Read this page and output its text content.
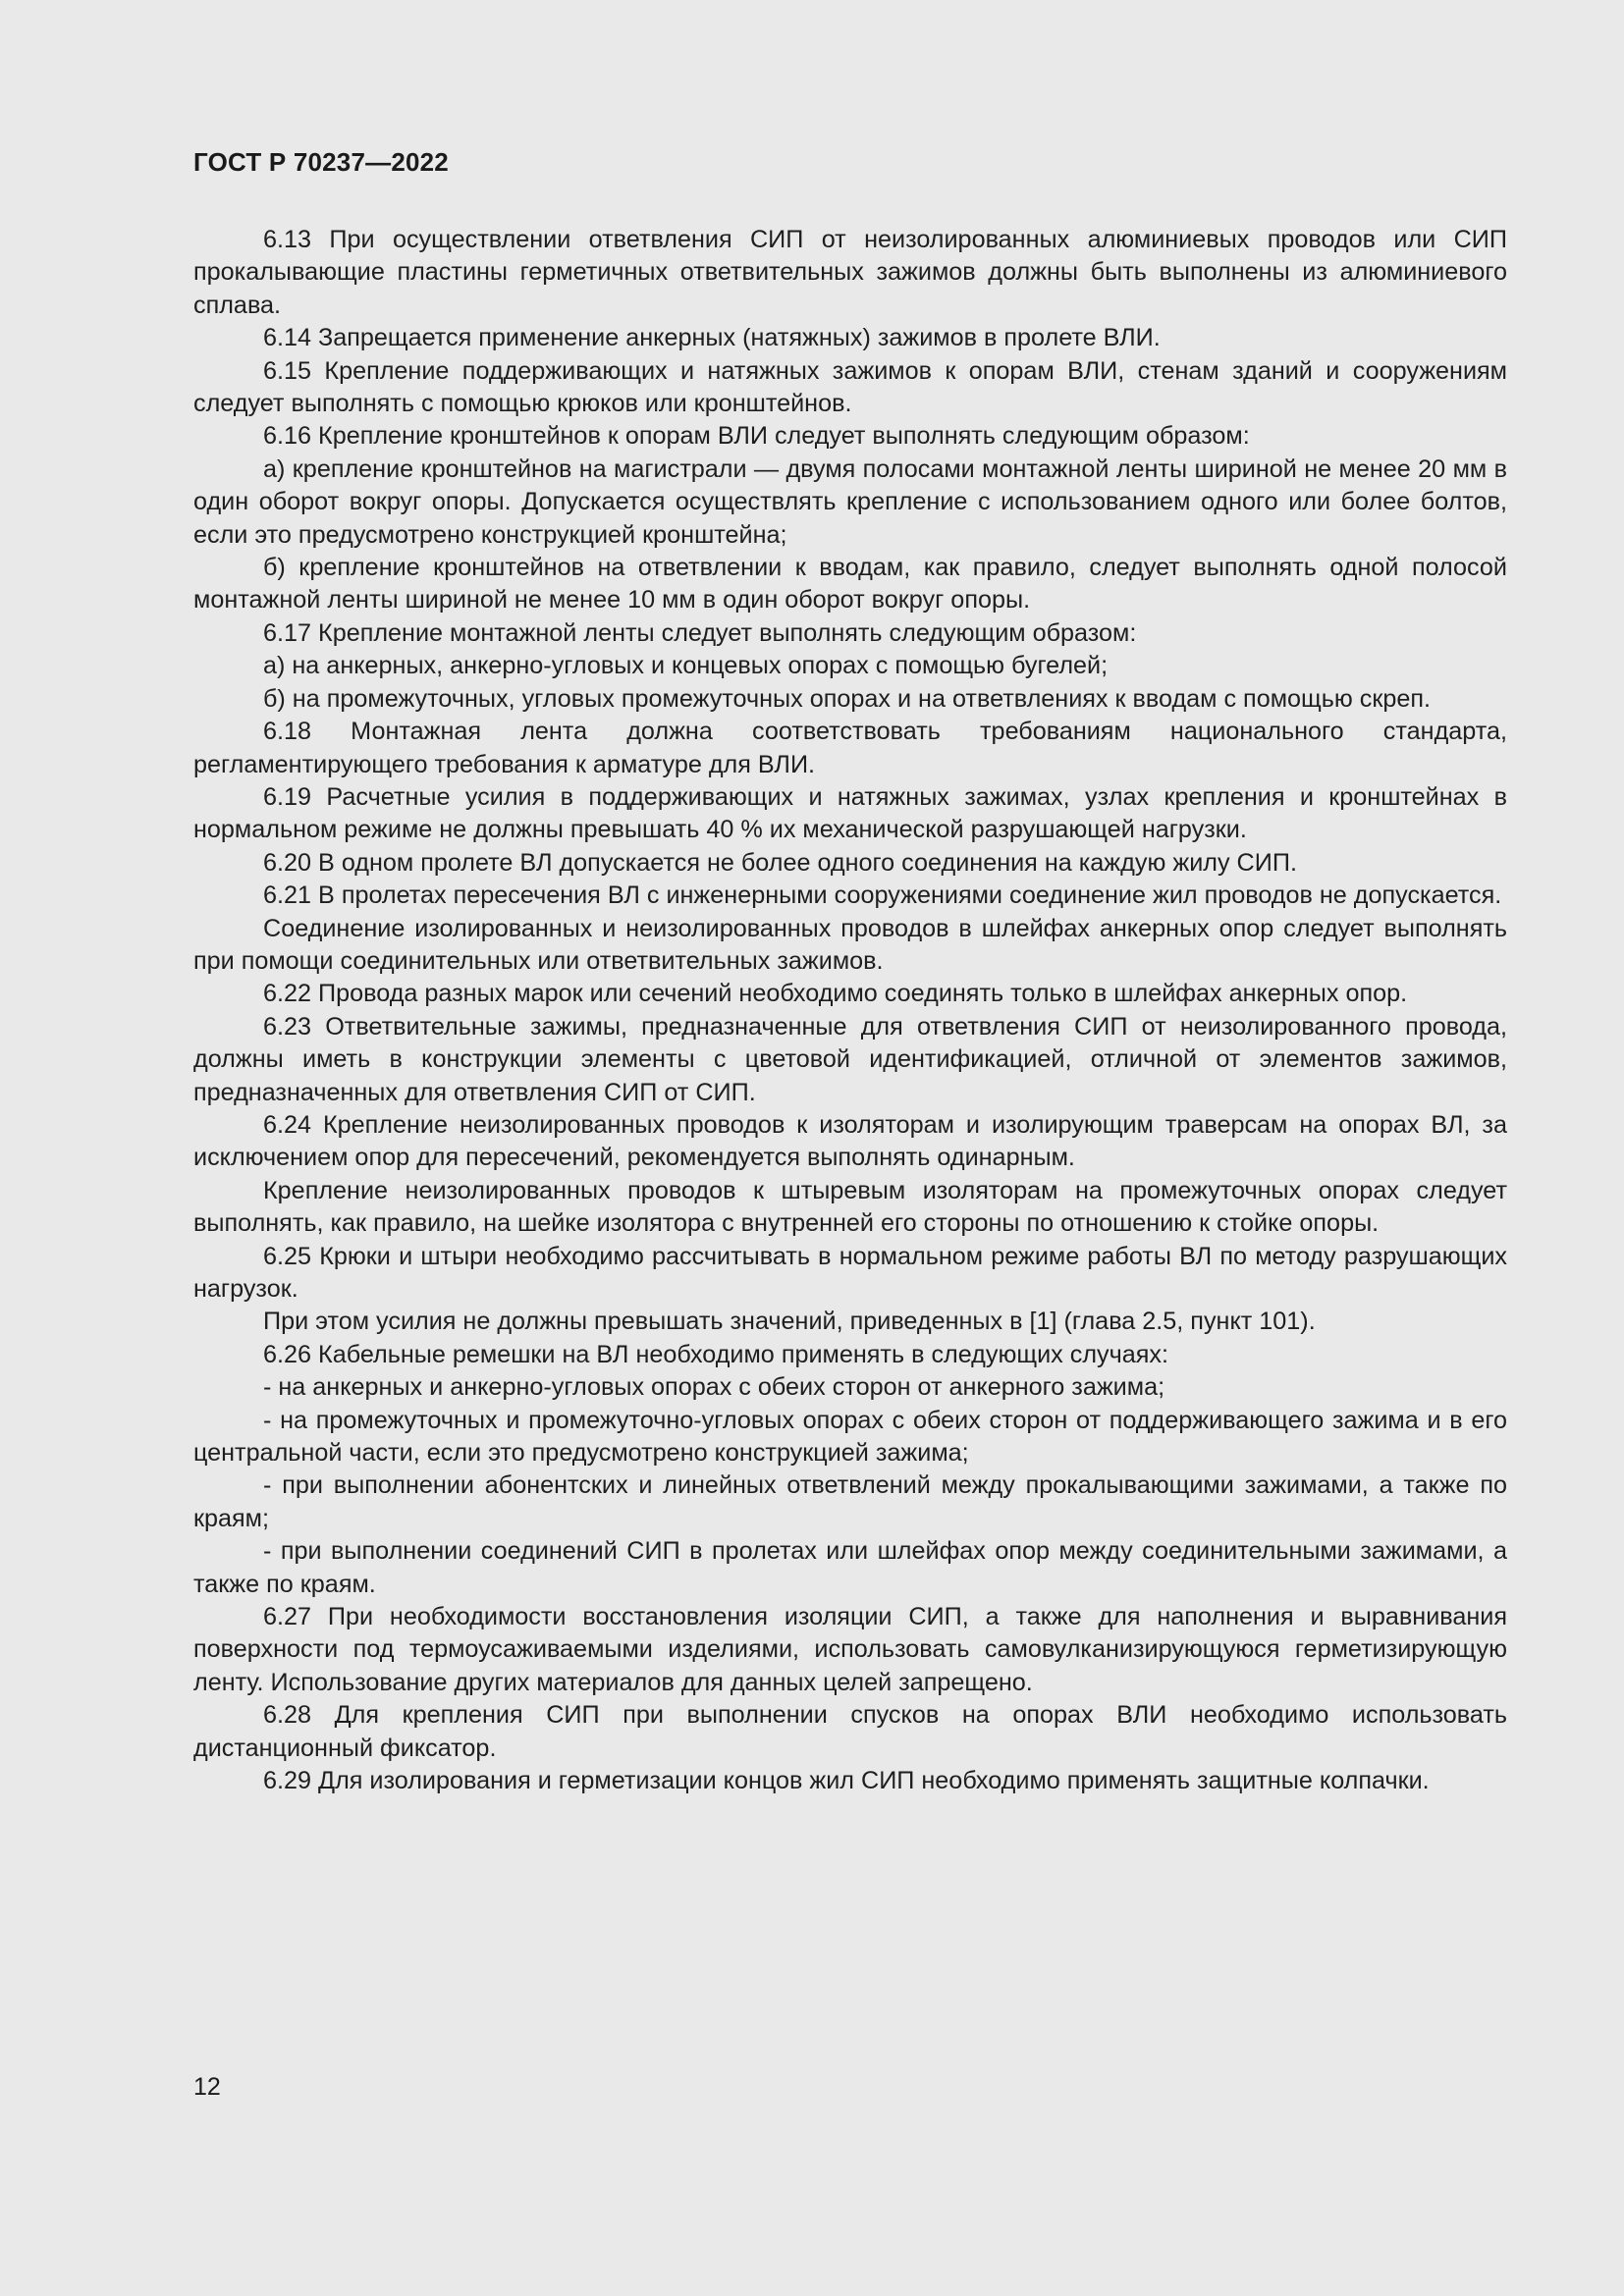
ГОСТ Р 70237—2022

6.13 При осуществлении ответвления СИП от неизолированных алюминиевых проводов или СИП прокалывающие пластины герметичных ответвительных зажимов должны быть выполнены из алюминиевого сплава.

6.14 Запрещается применение анкерных (натяжных) зажимов в пролете ВЛИ.

6.15 Крепление поддерживающих и натяжных зажимов к опорам ВЛИ, стенам зданий и сооружениям следует выполнять с помощью крюков или кронштейнов.

6.16 Крепление кронштейнов к опорам ВЛИ следует выполнять следующим образом:

а) крепление кронштейнов на магистрали — двумя полосами монтажной ленты шириной не менее 20 мм в один оборот вокруг опоры. Допускается осуществлять крепление с использованием одного или более болтов, если это предусмотрено конструкцией кронштейна;

б) крепление кронштейнов на ответвлении к вводам, как правило, следует выполнять одной полосой монтажной ленты шириной не менее 10 мм в один оборот вокруг опоры.

6.17 Крепление монтажной ленты следует выполнять следующим образом:

а) на анкерных, анкерно-угловых и концевых опорах с помощью бугелей;

б) на промежуточных, угловых промежуточных опорах и на ответвлениях к вводам с помощью скреп.

6.18 Монтажная лента должна соответствовать требованиям национального стандарта, регламентирующего требования к арматуре для ВЛИ.

6.19 Расчетные усилия в поддерживающих и натяжных зажимах, узлах крепления и кронштейнах в нормальном режиме не должны превышать 40 % их механической разрушающей нагрузки.

6.20 В одном пролете ВЛ допускается не более одного соединения на каждую жилу СИП.

6.21 В пролетах пересечения ВЛ с инженерными сооружениями соединение жил проводов не допускается.

Соединение изолированных и неизолированных проводов в шлейфах анкерных опор следует выполнять при помощи соединительных или ответвительных зажимов.

6.22 Провода разных марок или сечений необходимо соединять только в шлейфах анкерных опор.

6.23 Ответвительные зажимы, предназначенные для ответвления СИП от неизолированного провода, должны иметь в конструкции элементы с цветовой идентификацией, отличной от элементов зажимов, предназначенных для ответвления СИП от СИП.

6.24 Крепление неизолированных проводов к изоляторам и изолирующим траверсам на опорах ВЛ, за исключением опор для пересечений, рекомендуется выполнять одинарным.

Крепление неизолированных проводов к штыревым изоляторам на промежуточных опорах следует выполнять, как правило, на шейке изолятора с внутренней его стороны по отношению к стойке опоры.

6.25 Крюки и штыри необходимо рассчитывать в нормальном режиме работы ВЛ по методу разрушающих нагрузок.

При этом усилия не должны превышать значений, приведенных в [1] (глава 2.5, пункт 101).

6.26 Кабельные ремешки на ВЛ необходимо применять в следующих случаях:

- на анкерных и анкерно-угловых опорах с обеих сторон от анкерного зажима;

- на промежуточных и промежуточно-угловых опорах с обеих сторон от поддерживающего зажима и в его центральной части, если это предусмотрено конструкцией зажима;

- при выполнении абонентских и линейных ответвлений между прокалывающими зажимами, а также по краям;

- при выполнении соединений СИП в пролетах или шлейфах опор между соединительными зажимами, а также по краям.

6.27 При необходимости восстановления изоляции СИП, а также для наполнения и выравнивания поверхности под термоусаживаемыми изделиями, использовать самовулканизирующуюся герметизирующую ленту. Использование других материалов для данных целей запрещено.

6.28 Для крепления СИП при выполнении спусков на опорах ВЛИ необходимо использовать дистанционный фиксатор.

6.29 Для изолирования и герметизации концов жил СИП необходимо применять защитные колпачки.

12
